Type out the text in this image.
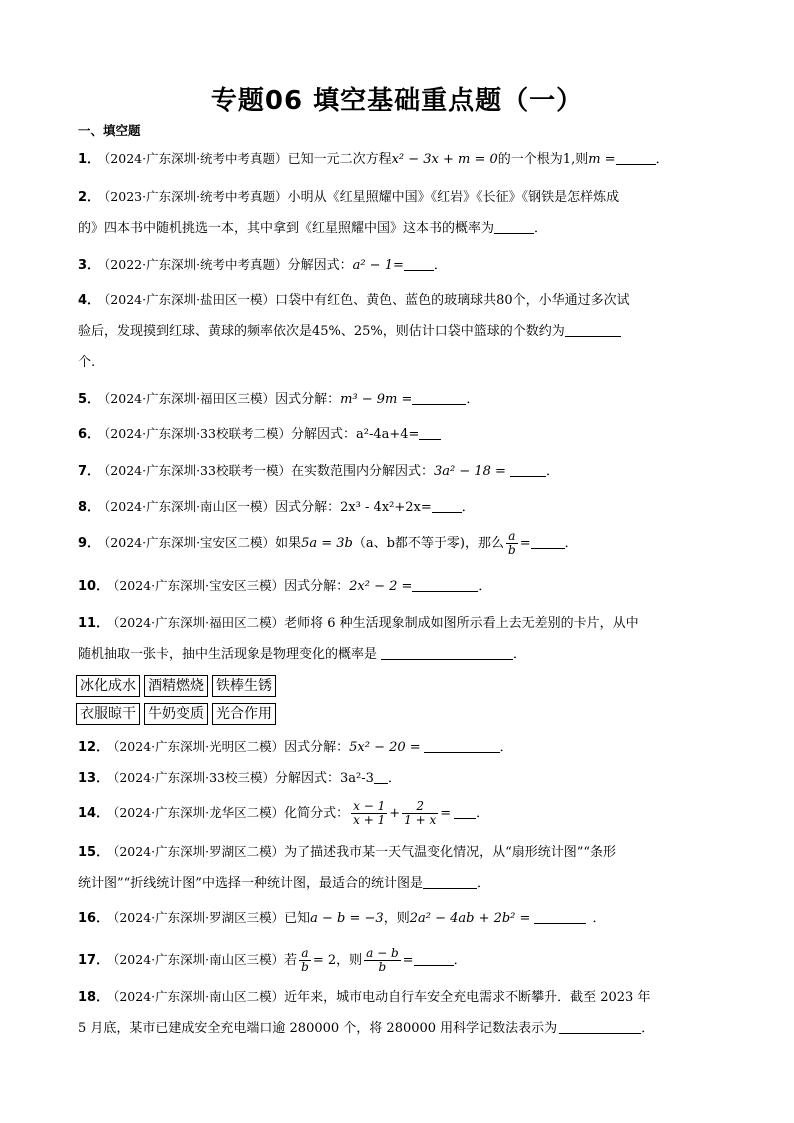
专题06 填空基础重点题（一）
一、填空题
1． （2024·广东深圳·统考中考真题）已知一元二次方程x² − 3x + m = 0的一个根为1,则m =	．
2． （2023·广东深圳·统考中考真题）小明从《红星照耀中国》《红岩》《长征》《钢铁是怎样炼成
的》四本书中随机挑选一本，其中拿到《红星照耀中国》这本书的概率为	．
3． （2022·广东深圳·统考中考真题）分解因式：a² − 1= ．
4． （2024·广东深圳·盐田区一模）口袋中有红色、黄色、蓝色的玻璃球共80个，小华通过多次试
验后，发现摸到红球、黄球的频率依次是45%、25%，则估计口袋中篮球的个数约为
个.
5． （2024·广东深圳·福田区三模）因式分解：m³ − 9m =	．
6． （2024·广东深圳·33校联考二模）分解因式：a²-4a+4=
7． （2024·广东深圳·33校联考一模）在实数范围内分解因式：3a² − 18 =	．
8． （2024·广东深圳·南山区一模）因式分解：2x³ - 4x²+2x= ．
9． （2024·广东深圳·宝安区二模）如果5a = 3b（a、b都不等于零)，那么 $\frac{a}{b}$ =	．
10． （2024·广东深圳·宝安区三模）因式分解：2x² − 2 =	．
11． （2024·广东深圳·福田区二模）老师将 6 种生活现象制成如图所示看上去无差别的卡片，从中
随机抽取一张卡，抽中生活现象是物理变化的概率是	．
冰化成水 酒精燃烧 铁棒生锈
衣服晾干 牛奶变质 光合作用
12． （2024·广东深圳·光明区二模）因式分解：5x² − 20 =	．
13． （2024·广东深圳·33校三模）分解因式：3a²-3 ．
14． （2024·广东深圳·龙华区二模）化简分式： $\frac{x - 1}{x + 1} + \frac{2}{1 + x}$ = ．
15． （2024·广东深圳·罗湖区二模）为了描述我市某一天气温变化情况，从“扇形统计图”“条形
统计图”“折线统计图”中选择一种统计图，最适合的统计图是	．
16． （2024·广东深圳·罗湖区三模）已知a − b = −3，则2a² − 4ab + 2b² =	．
17． （2024·广东深圳·南山区三模）若 $\frac{a}{b} = 2$，则 $\frac{a - b}{b}$ =	．
18． （2024·广东深圳·南山区二模）近年来，城市电动自行车安全充电需求不断攀升．截至 2023 年
5 月底，某市已建成安全充电端口逾 280000 个，将 280000 用科学记数法表示为	．
